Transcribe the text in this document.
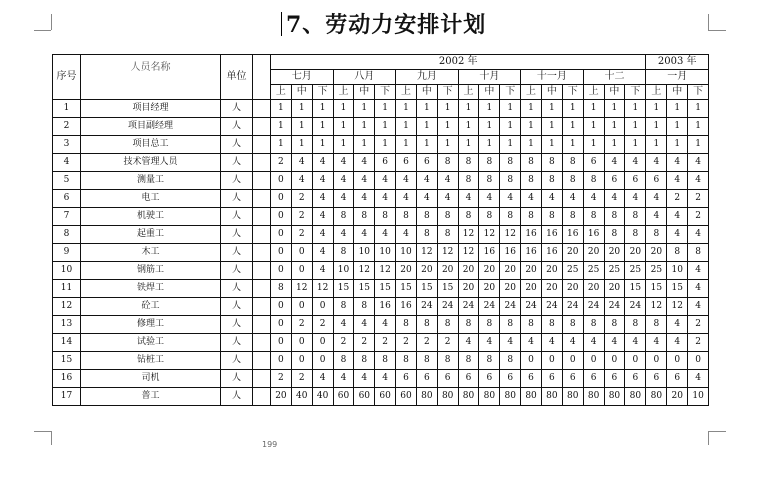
7、劳动力安排计划
序号	人员名称	单位		2002 年																		2003 年		
				七月			八月			九月			十月			十一月			十二			一月		
				上	中	下	上	中	下	上	中	下	上	中	下	上	中	下	上	中	下	上	中	下
1	项目经理	人		1	1	1	1	1	1	1	1	1	1	1	1	1	1	1	1	1	1	1	1	1
2	项目副经理	人		1	1	1	1	1	1	1	1	1	1	1	1	1	1	1	1	1	1	1	1	1
3	项目总工	人		1	1	1	1	1	1	1	1	1	1	1	1	1	1	1	1	1	1	1	1	1
4	技术管理人员	人		2	4	4	4	4	6	6	6	8	8	8	8	8	8	8	6	4	4	4	4	4
5	测量工	人		0	4	4	4	4	4	4	4	4	8	8	8	8	8	8	8	6	6	6	4	4
6	电工	人		0	2	4	4	4	4	4	4	4	4	4	4	4	4	4	4	4	4	4	2	2
7	机驶工	人		0	2	4	8	8	8	8	8	8	8	8	8	8	8	8	8	8	8	4	4	2
8	起重工	人		0	2	4	4	4	4	4	8	8	12	12	12	16	16	16	16	8	8	8	4	4
9	木工	人		0	0	4	8	10	10	10	12	12	12	16	16	16	16	20	20	20	20	20	8	8
10	钢筋工	人		0	0	4	10	12	12	20	20	20	20	20	20	20	20	25	25	25	25	25	10	4
11	铁焊工	人		8	12	12	15	15	15	15	15	15	20	20	20	20	20	20	20	20	15	15	15	4
12	砼工	人		0	0	0	8	8	16	16	24	24	24	24	24	24	24	24	24	24	24	12	12	4
13	修理工	人		0	2	2	4	4	4	8	8	8	8	8	8	8	8	8	8	8	8	8	4	2
14	试验工	人		0	0	0	2	2	2	2	2	2	4	4	4	4	4	4	4	4	4	4	4	2
15	钻桩工	人		0	0	0	8	8	8	8	8	8	8	8	8	0	0	0	0	0	0	0	0	0
16	司机	人		2	2	4	4	4	4	6	6	6	6	6	6	6	6	6	6	6	6	6	6	4
17	普工	人		20	40	40	60	60	60	60	80	80	80	80	80	80	80	80	80	80	80	80	20	10
199
